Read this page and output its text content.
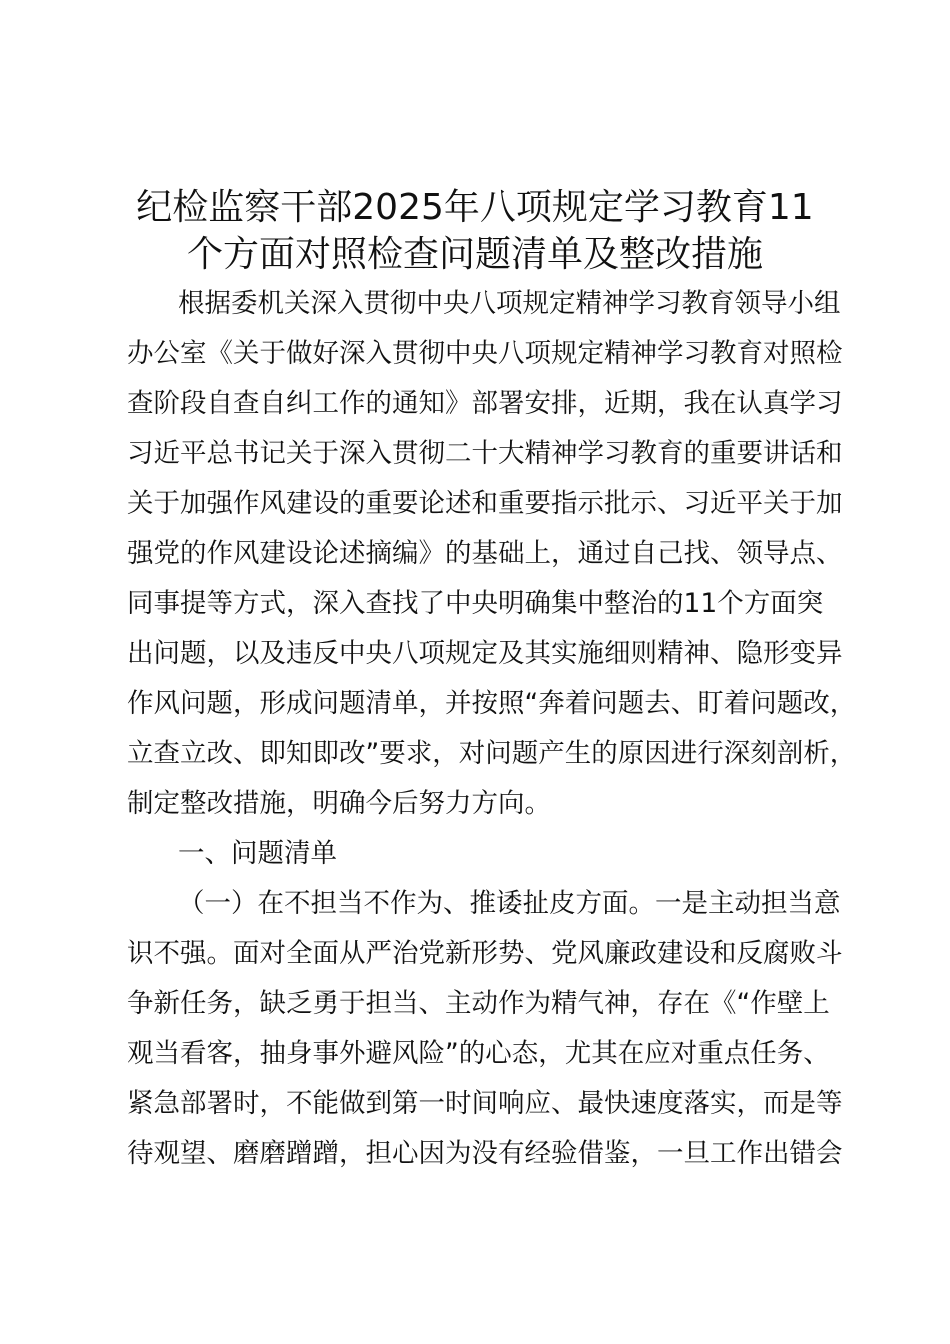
纪检监察干部2025年八项规定学习教育11
个方面对照检查问题清单及整改措施
根据委机关深入贯彻中央八项规定精神学习教育领导小组
办公室《关于做好深入贯彻中央八项规定精神学习教育对照检
查阶段自查自纠工作的通知》部署安排，近期，我在认真学习
习近平总书记关于深入贯彻二十大精神学习教育的重要讲话和
关于加强作风建设的重要论述和重要指示批示、习近平关于加
强党的作风建设论述摘编》的基础上，通过自己找、领导点、
同事提等方式，深入查找了中央明确集中整治的11个方面突
出问题，以及违反中央八项规定及其实施细则精神、隐形变异
作风问题，形成问题清单，并按照“奔着问题去、盯着问题改，
立查立改、即知即改”要求，对问题产生的原因进行深刻剖析，
制定整改措施，明确今后努力方向。
一、问题清单
（一）在不担当不作为、推诿扯皮方面。一是主动担当意
识不强。面对全面从严治党新形势、党风廉政建设和反腐败斗
争新任务，缺乏勇于担当、主动作为精气神，存在《“作壁上
观当看客，抽身事外避风险”的心态，尤其在应对重点任务、
紧急部署时，不能做到第一时间响应、最快速度落实，而是等
待观望、磨磨蹭蹭，担心因为没有经验借鉴，一旦工作出错会
